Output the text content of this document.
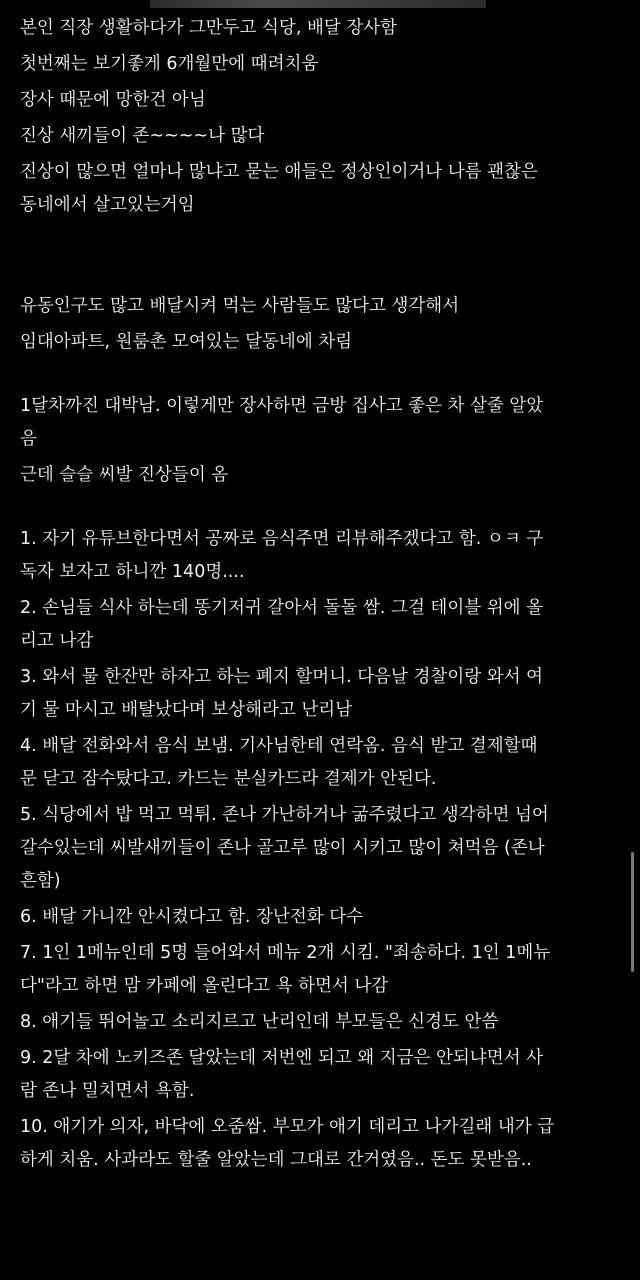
본인 직장 생활하다가 그만두고 식당, 배달 장사함

첫번째는 보기좋게 6개월만에 때려치움

장사 때문에 망한건 아님

진상 새끼들이 존~~~~나 많다

진상이 많으면 얼마나 많냐고 묻는 애들은 정상인이거나 나름 괜찮은
동네에서 살고있는거임

유동인구도 많고 배달시켜 먹는 사람들도 많다고 생각해서

임대아파트, 원룸촌 모여있는 달동네에 차림

1달차까진 대박남. 이렇게만 장사하면 금방 집사고 좋은 차 살줄 알았
음

근데 슬슬 씨발 진상들이 옴

1. 자기 유튜브한다면서 공짜로 음식주면 리뷰해주겠다고 함. ㅇㅋ 구
독자 보자고 하니깐 140명....

2. 손님들 식사 하는데 똥기저귀 갈아서 돌돌 쌈. 그걸 테이블 위에 올
리고 나감

3. 와서 물 한잔만 하자고 하는 폐지 할머니. 다음날 경찰이랑 와서 여
기 물 마시고 배탈났다며 보상해라고 난리남

4. 배달 전화와서 음식 보냄. 기사님한테 연락옴. 음식 받고 결제할때
문 닫고 잠수탔다고. 카드는 분실카드라 결제가 안된다.

5. 식당에서 밥 먹고 먹튀. 존나 가난하거나 굶주렸다고 생각하면 넘어
갈수있는데 씨발새끼들이 존나 골고루 많이 시키고 많이 쳐먹음 (존나
흔함)

6. 배달 가니깐 안시켰다고 함. 장난전화 다수

7. 1인 1메뉴인데 5명 들어와서 메뉴 2개 시킴. "죄송하다. 1인 1메뉴
다"라고 하면 맘 카페에 올린다고 욕 하면서 나감

8. 애기들 뛰어놀고 소리지르고 난리인데 부모들은 신경도 안씀

9. 2달 차에 노키즈존 달았는데 저번엔 되고 왜 지금은 안되냐면서 사
람 존나 밀치면서 욕함.

10. 애기가 의자, 바닥에 오줌쌈. 부모가 애기 데리고 나가길래 내가 급
하게 치움. 사과라도 할줄 알았는데 그대로 간거였음.. 돈도 못받음..
